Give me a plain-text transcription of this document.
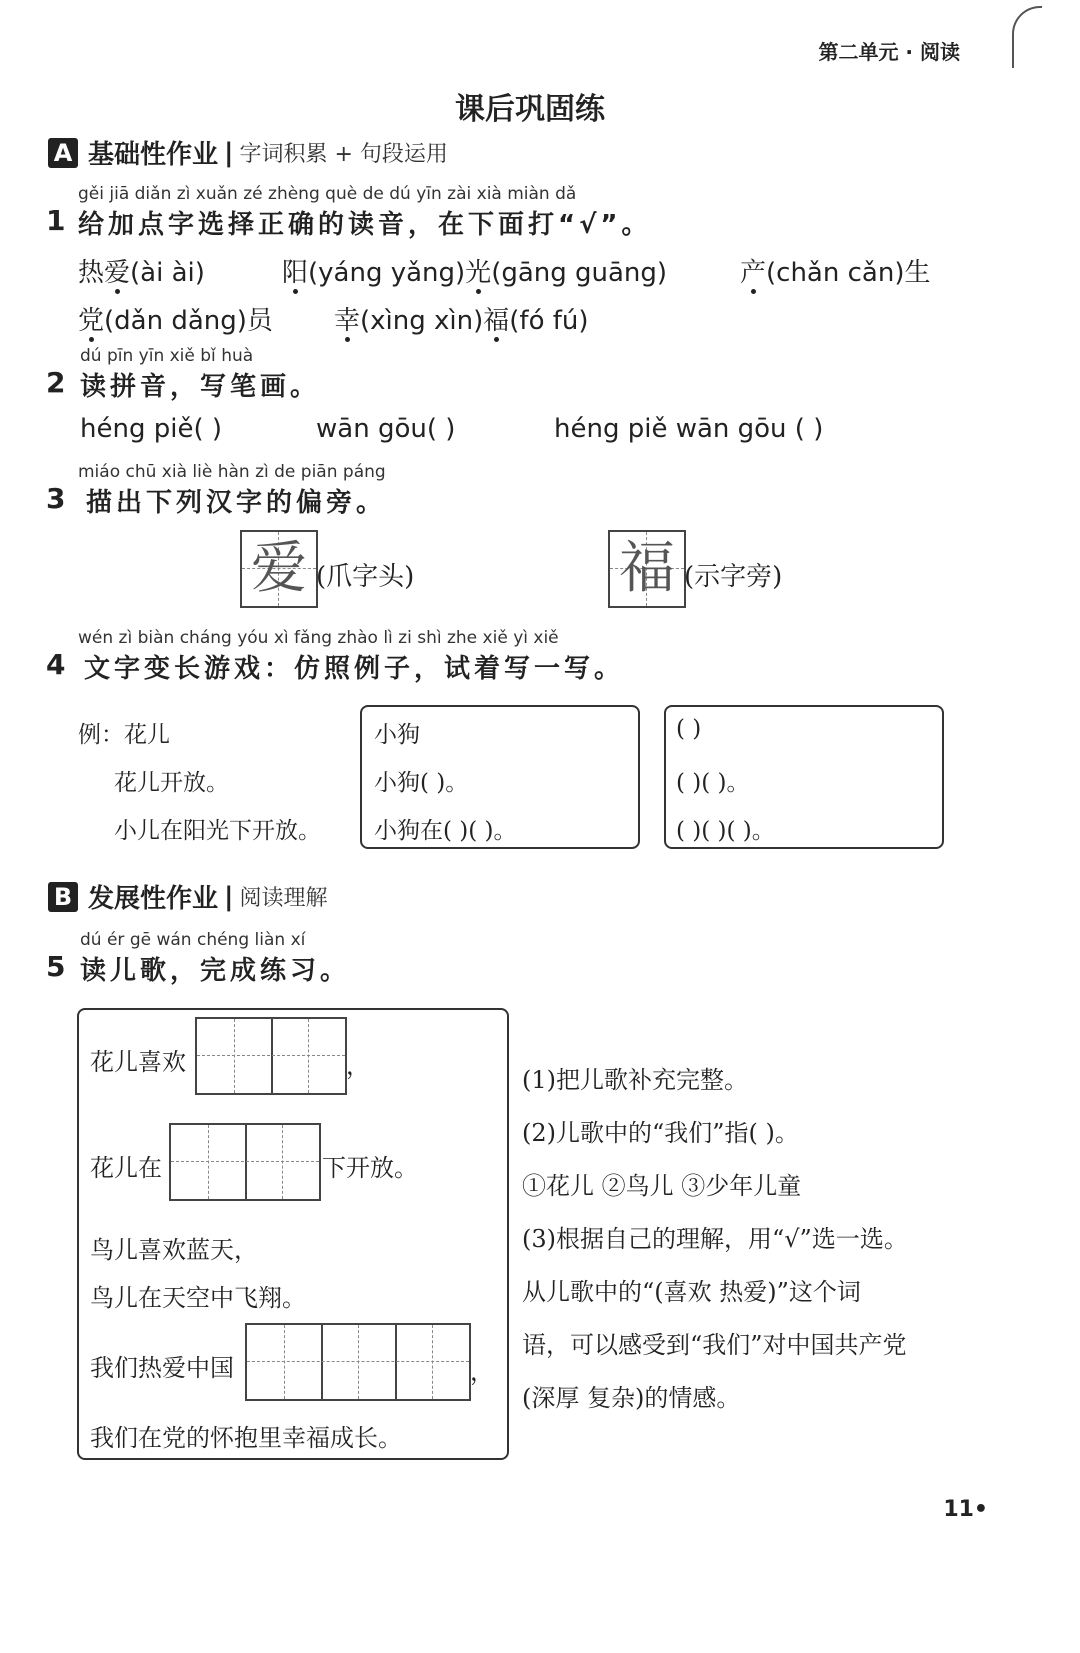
第二单元 · 阅读
课后巩固练
A 基础性作业 | 字词积累 + 句段运用
gěi jiā diǎn zì xuǎn zé zhèng què de dú yīn zài xià miàn dǎ
1 给加点字选择正确的读音，在下面打“√”。
热爱(ài ài)	阳(yáng yǎng)光(gāng guāng)	产(chǎn cǎn)生
党(dǎn dǎng)员 幸(xìng xìn)福(fó fú)
dú pīn yīn xiě bǐ huà
2 读拼音，写笔画。
héng piě( )	wān gōu( )	héng piě wān gōu ( )
miáo chū xià liè hàn zì de piān páng
3 描出下列汉字的偏旁。
爱 (爪字头)	福 (示字旁)
wén zì biàn cháng yóu xì fǎng zhào lì zi shì zhe xiě yì xiě
4 文字变长游戏：仿照例子，试着写一写。
例：花儿
花儿开放。
小儿在阳光下开放。
小狗
小狗( )。
小狗在( )( )。
( )
( )( )。
( )( )( )。
B 发展性作业 | 阅读理解
dú ér gē wán chéng liàn xí
5 读儿歌，完成练习。
花儿喜欢	，
花儿在	下开放。
鸟儿喜欢蓝天，
鸟儿在天空中飞翔。
我们热爱中国	，
我们在党的怀抱里幸福成长。
(1)把儿歌补充完整。
(2)儿歌中的“我们”指( )。
①花儿 ②鸟儿 ③少年儿童
(3)根据自己的理解，用“√”选一选。
从儿歌中的“(喜欢 热爱)”这个词
语，可以感受到“我们”对中国共产党
(深厚 复杂)的情感。
11•
